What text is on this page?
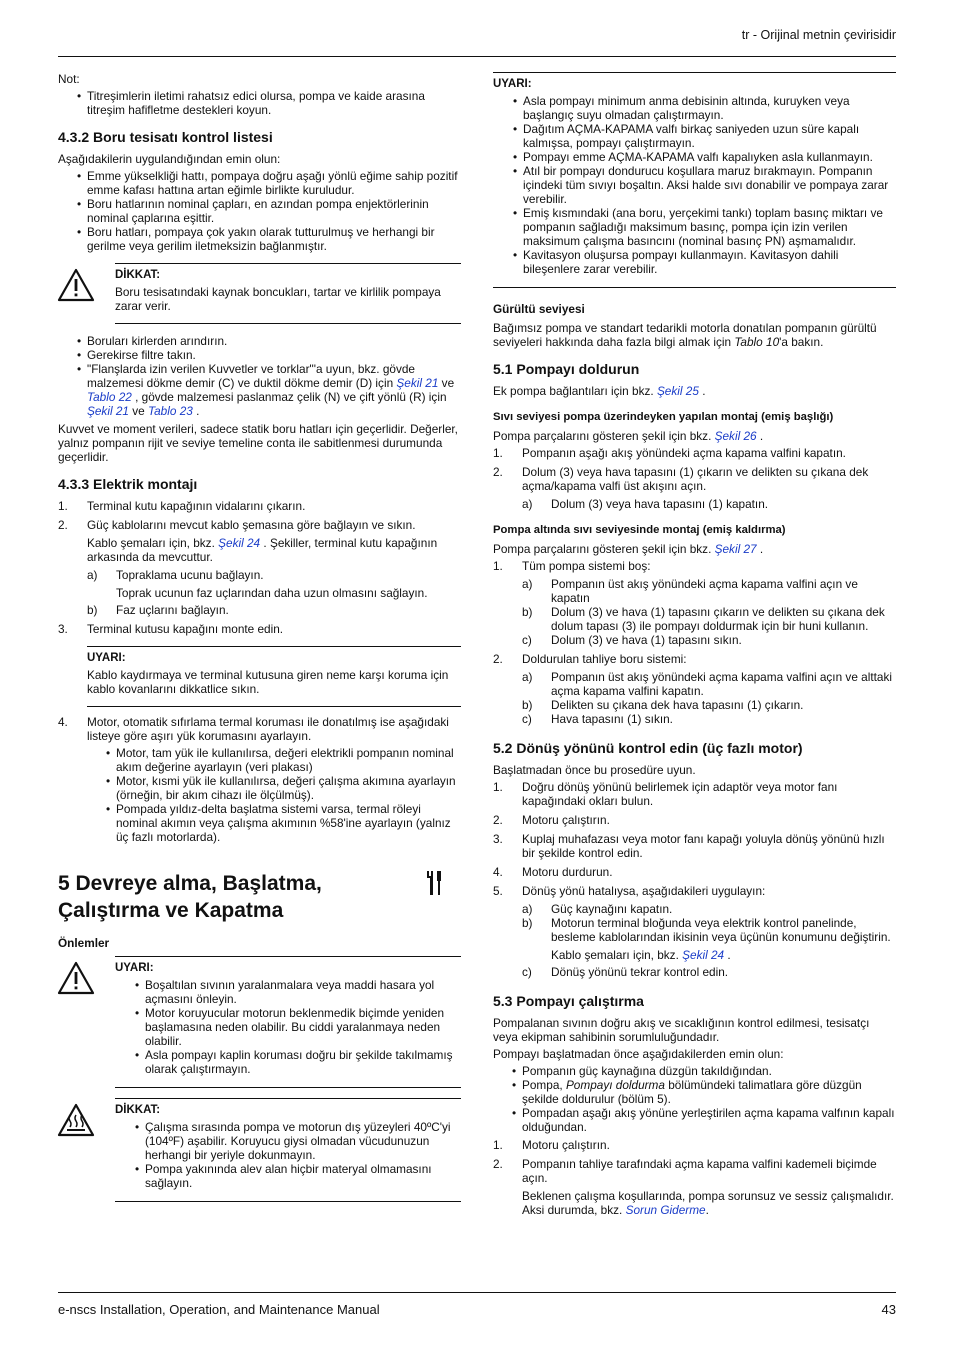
tr - Orijinal metnin çevirisidir

Not:

• Titreşimlerin iletimi rahatsız edici olursa, pompa ve kaide arasına titreşim hafifletme destekleri koyun.
4.3.2 Boru tesisatı kontrol listesi

Aşağıdakilerin uygulandığından emin olun:

• Emme yükselkliği hattı, pompaya doğru aşağı yönlü eğime sahip pozitif emme kafası hattına artan eğimle birlikte kuruludur.
• Boru hatlarının nominal çapları, en azından pompa enjektörlerinin nominal çaplarına eşittir.
• Boru hatları, pompaya çok yakın olarak tutturulmuş ve herhangi bir gerilme veya gerilim iletmeksizin bağlanmıştır.
DİKKAT:

Boru tesisatındaki kaynak boncukları, tartar ve kirlilik pompaya zarar verir.

• Boruları kirlerden arındırın.
• Gerekirse filtre takın.
• "Flanşlarda izin verilen Kuvvetler ve torklar"'a uyun, bkz. gövde malzemesi dökme demir (C) ve duktil dökme demir (D) için Şekil 21 ve Tablo 22 , gövde malzemesi paslanmaz çelik (N) ve çift yönlü (R) için Şekil 21 ve Tablo 23 .

Kuvvet ve moment verileri, sadece statik boru hatları için geçerlidir. Değerler, yalnız pompanın rijit ve seviye temeline conta ile sabitlenmesi durumunda geçerlidir.

4.3.3 Elektrik montajı
1. Terminal kutu kapağının vidalarını çıkarın.
2. Güç kablolarını mevcut kablo şemasına göre bağlayın ve sıkın.

Kablo şemaları için, bkz. Şekil 24 . Şekiller, terminal kutu kapağının arkasında da mevcuttur.

a) Topraklama ucunu bağlayın.

Toprak ucunun faz uçlarından daha uzun olmasını sağlayın.

b) Faz uçlarını bağlayın.
3. Terminal kutusu kapağını monte edin.
UYARI:

Kablo kaydırmaya ve terminal kutusuna giren neme karşı koruma için kablo kovanlarını dikkatlice sıkın.

4. Motor, otomatik sıfırlama termal koruması ile donatılmış ise aşağıdaki listeye göre aşırı yük korumasını ayarlayın.
• Motor, tam yük ile kullanılırsa, değeri elektrikli pompanın nominal akım değerine ayarlayın (veri plakası)
• Motor, kısmi yük ile kullanılırsa, değeri çalışma akımına ayarlayın (örneğin, bir akım cihazı ile ölçülmüş).
• Pompada yıldız-delta başlatma sistemi varsa, termal röleyi nominal akımın veya çalışma akımının %58'ine ayarlayın (yalnız üç fazlı motorlarda).
5 Devreye alma, Başlatma,
Çalıştırma ve Kapatma
Önlemler
UYARI:
• Boşaltılan sıvının yaralanmalara veya maddi hasara yol açmasını önleyin.
• Motor koruyucular motorun beklenmedik biçimde yeniden başlamasına neden olabilir. Bu ciddi yaralanmaya neden olabilir.
• Asla pompayı kaplin koruması doğru bir şekilde takılmamış olarak çalıştırmayın.
DİKKAT:
• Çalışma sırasında pompa ve motorun dış yüzeyleri 40ºC'yi (104ºF) aşabilir. Koruyucu giysi olmadan vücudunuzun herhangi bir yeriyle dokunmayın.
• Pompa yakınında alev alan hiçbir materyal olmamasını sağlayın.
UYARI:
• Asla pompayı minimum anma debisinin altında, kuruyken veya başlangıç suyu olmadan çalıştırmayın.
• Dağıtım AÇMA-KAPAMA valfı birkaç saniyeden uzun süre kapalı kalmışsa, pompayı çalıştırmayın.
• Pompayı emme AÇMA-KAPAMA valfı kapalıyken asla kullanmayın.
• Atıl bir pompayı dondurucu koşullara maruz bırakmayın. Pompanın içindeki tüm sıvıyı boşaltın. Aksi halde sıvı donabilir ve pompaya zarar verebilir.
• Emiş kısmındaki (ana boru, yerçekimi tankı) toplam basınç miktarı ve pompanın sağladığı maksimum basınç, pompa için izin verilen maksimum çalışma basıncını (nominal basınç PN) aşmamalıdır.
• Kavitasyon oluşursa pompayı kullanmayın. Kavitasyon dahili bileşenlere zarar verebilir.
Gürültü seviyesi

Bağımsız pompa ve standart tedarikli motorla donatılan pompanın gürültü seviyeleri hakkında daha fazla bilgi almak için Tablo 10'a bakın.

5.1 Pompayı doldurun

Ek pompa bağlantıları için bkz. Şekil 25 .

Sıvı seviyesi pompa üzerindeyken yapılan montaj (emiş başlığı)

Pompa parçalarını gösteren şekil için bkz. Şekil 26 .

1. Pompanın aşağı akış yönündeki açma kapama valfini kapatın.
2. Dolum (3) veya hava tapasını (1) çıkarın ve delikten su çıkana dek açma/kapama valfi üst akışını açın.
a) Dolum (3) veya hava tapasını (1) kapatın.
Pompa altında sıvı seviyesinde montaj (emiş kaldırma)

Pompa parçalarını gösteren şekil için bkz. Şekil 27 .

1. Tüm pompa sistemi boş:
a) Pompanın üst akış yönündeki açma kapama valfini açın ve kapatın
b) Dolum (3) ve hava (1) tapasını çıkarın ve delikten su çıkana dek dolum tapası (3) ile pompayı doldurmak için bir huni kullanın.
c) Dolum (3) ve hava (1) tapasını sıkın.
2. Doldurulan tahliye boru sistemi:
a) Pompanın üst akış yönündeki açma kapama valfini açın ve alttaki açma kapama valfini kapatın.
b) Delikten su çıkana dek hava tapasını (1) çıkarın.
c) Hava tapasını (1) sıkın.
5.2 Dönüş yönünü kontrol edin (üç fazlı motor)

Başlatmadan önce bu prosedüre uyun.

1. Doğru dönüş yönünü belirlemek için adaptör veya motor fanı kapağındaki okları bulun.
2. Motoru çalıştırın.
3. Kuplaj muhafazası veya motor fanı kapağı yoluyla dönüş yönünü hızlı bir şekilde kontrol edin.
4. Motoru durdurun.
5. Dönüş yönü hatalıysa, aşağıdakileri uygulayın:
a) Güç kaynağını kapatın.
b) Motorun terminal bloğunda veya elektrik kontrol panelinde, besleme kablolarından ikisinin veya üçünün konumunu değiştirin.

Kablo şemaları için, bkz. Şekil 24 .

c) Dönüş yönünü tekrar kontrol edin.
5.3 Pompayı çalıştırma

Pompalanan sıvının doğru akış ve sıcaklığının kontrol edilmesi, tesisatçı veya ekipman sahibinin sorumluluğundadır.

Pompayı başlatmadan önce aşağıdakilerden emin olun:

• Pompanın güç kaynağına düzgün takıldığından.
• Pompa, Pompayı doldurma bölümündeki talimatlara göre düzgün şekilde doldurulur (bölüm 5).
• Pompadan aşağı akış yönüne yerleştirilen açma kapama valfının kapalı olduğundan.
1. Motoru çalıştırın.
2. Pompanın tahliye tarafındaki açma kapama valfini kademeli biçimde açın.

Beklenen çalışma koşullarında, pompa sorunsuz ve sessiz çalışmalıdır. Aksi durumda, bkz. Sorun Giderme.

e-nscs Installation, Operation, and Maintenance Manual	43
